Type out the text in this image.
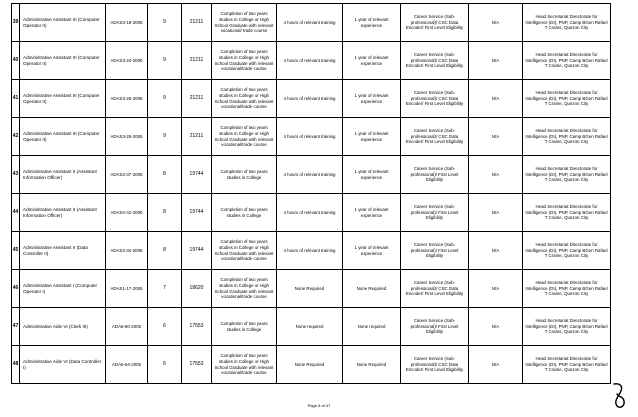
39	Administrative Assistant III (Computer Operator II)	ADAS3-18-2005	9	21211	Completion of two years studies in College or High School Graduate with relevant vocational/ trade course	4 hours of relevant training	1 year of relevant experience	Career Service (Sub-professional)/ CSC Data Encoder/ First Level Eligibility	N/A	Head Secretariat Directorate for Intelligence (DI), PNP, Camp BGen Rafael T Crame, Quezon City
40	Administrative Assistant III (Computer Operator II)	ADAS3-24-2005	9	21211	Completion of two years studies in College or High School Graduate with relevant vocational/trade course	4 hours of relevant training	1 year of relevant experience	Career Service (Sub-professional)/ CSC Data Encoder/ First Level Eligibility	N/A	Head Secretariat Directorate for Intelligence (DI), PNP, Camp BGen Rafael T Crame, Quezon City
41	Administrative Assistant III (Computer Operator II)	ADAS3-25-2005	9	21211	Completion of two years studies in College or High School Graduate with relevant vocational/trade course	4 hours of relevant training	1 year of relevant experience	Career Service (Sub-professional)/ CSC Data Encoder/ First Level Eligibility	N/A	Head Secretariat Directorate for Intelligence (DI), PNP, Camp BGen Rafael T Crame, Quezon City
42	Administrative Assistant III (Computer Operator II)	ADAS3-26-2005	9	21211	Completion of two years studies in College or High School Graduate with relevant vocational/trade course	4 hours of relevant training	1 year of relevant experience	Career Service (Sub-professional)/ CSC Data Encoder/ First Level Eligibility	N/A	Head Secretariat Directorate for Intelligence (DI), PNP, Camp BGen Rafael T Crame, Quezon City
43	Administrative Assistant II (Assistant Information Officer)	ADAS2-37-2005	8	19744	Completion of two years studies in College	4 hours of relevant training	1 year of relevant experience	Career Service (Sub-professional)/ First Level Eligibility	N/A	Head Secretariat Directorate for Intelligence (DI), PNP, Camp BGen Rafael T Crame, Quezon City
44	Administrative Assistant II (Assistant Information Officer)	ADAS2-42-2005	8	19744	Completion of two years studies in College	4 hours of relevant training	1 year of relevant experience	Career Service (Sub-professional)/ First Level Eligibility	N/A	Head Secretariat Directorate for Intelligence (DI), PNP, Camp BGen Rafael T Crame, Quezon City
45	Administrative Assistant II (Data Controller II)	ADAS2-34-2005	8	19744	Completion of two years studies in College or High School Graduate with relevant vocational/trade course	4 hours of relevant training	1 year of relevant experience	Career Service (Sub-professional)/ First Level Eligibility	N/A	Head Secretariat Directorate for Intelligence (DI), PNP, Camp BGen Rafael T Crame, Quezon City
46	Administrative Assistant I (Computer Operator I)	ADAS1-17-2005	7	18620	Completion of two years studies in College or High School Graduate with relevant vocational/trade course	None Required	None Required	Career Service (Sub-professional)/ CSC Data Encoder/ First Level Eligibility	N/A	Head Secretariat Directorate for Intelligence (DI), PNP, Camp BGen Rafael T Crame, Quezon City
47	Administrative Aide VI (Clerk III)	ADA6-60-2005	6	17553	Completion of two years studies in College	None required	None required	Career Service (Sub-professional)/ First Level Eligibility	N/A	Head Secretariat Directorate for Intelligence (DI), PNP, Camp BGen Rafael T Crame, Quezon City
48	Administrative Aide VI (Data Controller I)	ADA6-64-2005	6	17553	Completion of two years studies in College or High School Graduate with relevant vocational/trade course	None Required	None Required	Career Service (Sub-professional)/ CSC Data Encoder/ First Level Eligibility	N/A	Head Secretariat Directorate for Intelligence (DI), PNP, Camp BGen Rafael T Crame, Quezon City
Page 6 of 47
